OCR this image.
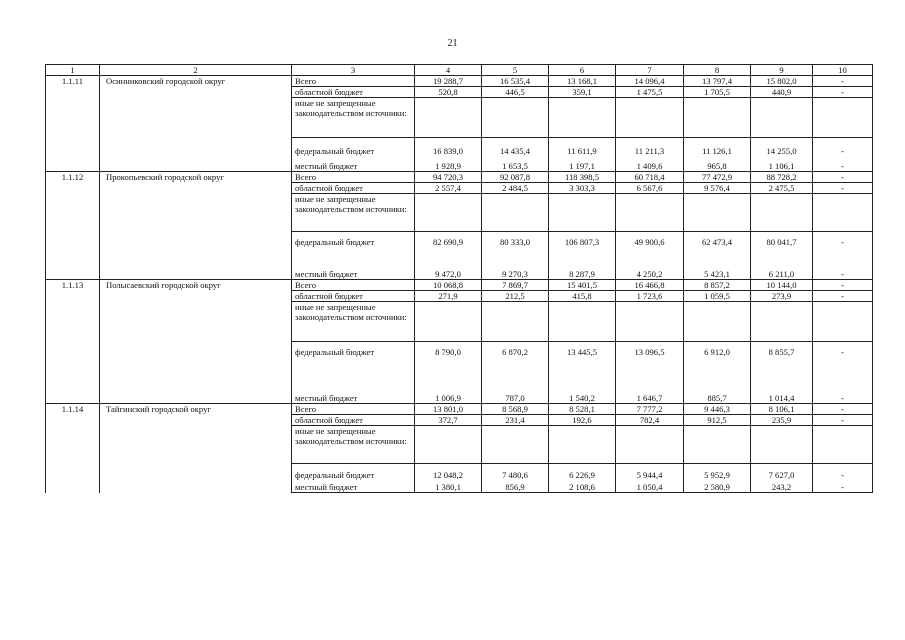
21
1	2	3	4	5	6	7	8	9	10
1.1.11	Осинниковский городской округ	Всего	19 288,7	16 535,4	13 168,1	14 096,4	13 797,4	15 802,0	-
		областной бюджет	520,8	446,5	359,1	1 475,5	1 705,5	440,9	-
		иные не запрещенные законодательством источники:							
		федеральный бюджет	16 839,0	14 435,4	11 611,9	11 211,3	11 126,1	14 255,0	-
		местный бюджет	1 928,9	1 653,5	1 197,1	1 409,6	965,8	1 106,1	-
1.1.12	Прокопьевский городской округ	Всего	94 720,3	92 087,8	118 398,5	60 718,4	77 472,9	88 728,2	-
		областной бюджет	2 557,4	2 484,5	3 303,3	6 567,6	9 576,4	2 475,5	-
		иные не запрещенные законодательством источники:							
		федеральный бюджет	82 690,9	80 333,0	106 807,3	49 900,6	62 473,4	80 041,7	-
		местный бюджет	9 472,0	9 270,3	8 287,9	4 250,2	5 423,1	6 211,0	-
1.1.13	Полысаевский городской округ	Всего	10 068,8	7 869,7	15 401,5	16 466,8	8 857,2	10 144,0	-
		областной бюджет	271,9	212,5	415,8	1 723,6	1 059,5	273,9	-
		иные не запрещенные законодательством источники:							
		федеральный бюджет	8 790,0	6 870,2	13 445,5	13 096,5	6 912,0	8 855,7	-
		местный бюджет	1 006,9	787,0	1 540,2	1 646,7	885,7	1 014,4	-
1.1.14	Тайгинский городской округ	Всего	13 801,0	8 568,9	8 528,1	7 777,2	9 446,3	8 106,1	-
		областной бюджет	372,7	231,4	192,6	782,4	912,5	235,9	-
		иные не запрещенные законодательством источники:							
		федеральный бюджет	12 048,2	7 480,6	6 226,9	5 944,4	5 952,9	7 627,0	-
		местный бюджет	1 380,1	856,9	2 108,6	1 050,4	2 580,9	243,2	-
